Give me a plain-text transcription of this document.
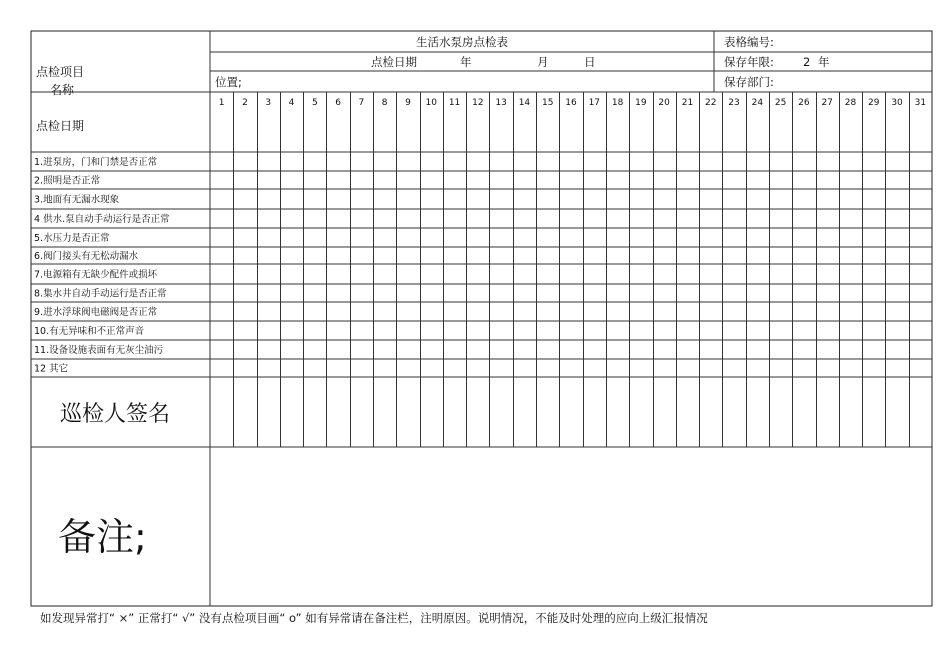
1 2 3 4 5 6 7 8 9 10 11 12 13 14 15 16 17 18 19 20 21 22 23 24 25 26 27 28 29 30 31
生活水泵房点检表	表格编号:
点检日期	年	月	日	保存年限:	2 年
位置;	保存部门:
点检项目
名称
点检日期
1.进泵房，门和门禁是否正常
2.照明是否正常
3.地面有无漏水现象
4 供水.泵自动手动运行是否正常
5.水压力是否正常
6.阀门接头有无松动漏水
7.电源箱有无缺少配件或损坏
8.集水井自动手动运行是否正常
9.进水浮球阀电磁阀是否正常
10.有无异味和不正常声音
11.设备设施表面有无灰尘油污
12 其它
巡检人签名
备注;
如发现异常打“ ×” 正常打“ √” 没有点检项目画“ o” 如有异常请在备注栏，注明原因。说明情况，不能及时处理的应向上级汇报情况
